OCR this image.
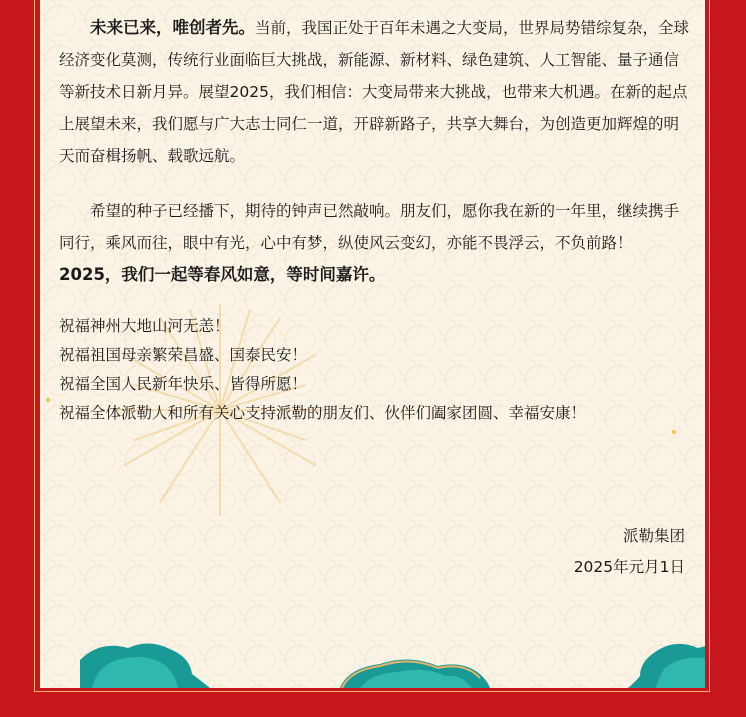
未来已来，唯创者先。当前，我国正处于百年未遇之大变局，世界局势错综复杂，全球经济变化莫测，传统行业面临巨大挑战，新能源、新材料、绿色建筑、人工智能、量子通信等新技术日新月异。展望2025，我们相信：大变局带来大挑战，也带来大机遇。在新的起点上展望未来，我们愿与广大志士同仁一道，开辟新路子，共享大舞台，为创造更加辉煌的明天而奋楫扬帆、载歌远航。

希望的种子已经播下，期待的钟声已然敲响。朋友们，愿你我在新的一年里，继续携手同行，乘风而往，眼中有光，心中有梦，纵使风云变幻，亦能不畏浮云，不负前路！2025，我们一起等春风如意，等时间嘉许。

祝福神州大地山河无恙！

祝福祖国母亲繁荣昌盛、国泰民安！

祝福全国人民新年快乐、皆得所愿！

祝福全体派勒人和所有关心支持派勒的朋友们、伙伴们阖家团圆、幸福安康！

派勒集团
2025年元月1日
